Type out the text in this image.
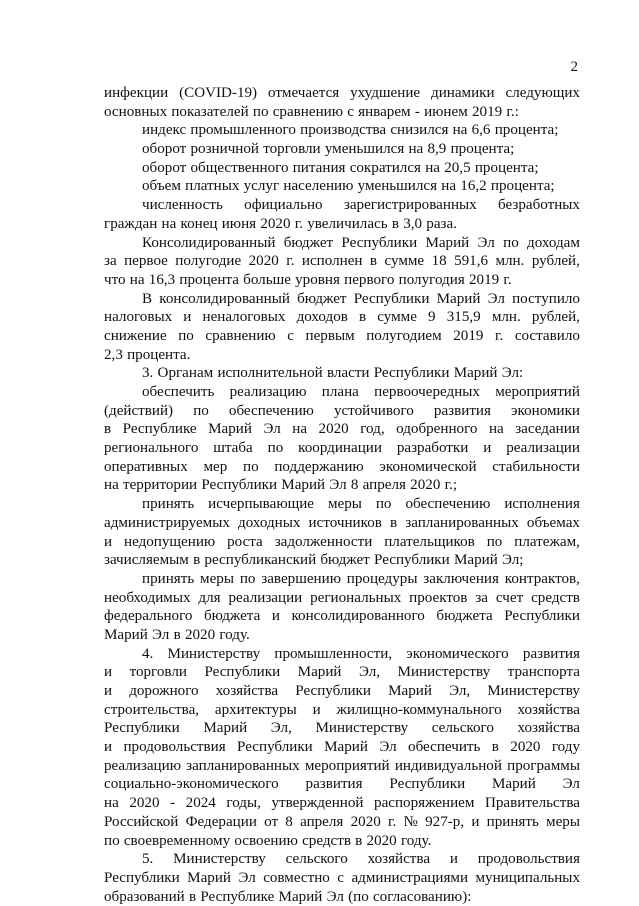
2
инфекции (COVID-19) отмечается ухудшение динамики следующих
основных показателей по сравнению с январем - июнем 2019 г.:
индекс промышленного производства снизился на 6,6 процента;
оборот розничной торговли уменьшился на 8,9 процента;
оборот общественного питания сократился на 20,5 процента;
объем платных услуг населению уменьшился на 16,2 процента;
численность официально зарегистрированных безработных
граждан на конец июня 2020 г. увеличилась в 3,0 раза.
Консолидированный бюджет Республики Марий Эл по доходам
за первое полугодие 2020 г. исполнен в сумме 18 591,6 млн. рублей,
что на 16,3 процента больше уровня первого полугодия 2019 г.
В консолидированный бюджет Республики Марий Эл поступило
налоговых и неналоговых доходов в сумме 9 315,9 млн. рублей,
снижение по сравнению с первым полугодием 2019 г. составило
2,3 процента.
3. Органам исполнительной власти Республики Марий Эл:
обеспечить реализацию плана первоочередных мероприятий
(действий) по обеспечению устойчивого развития экономики
в Республике Марий Эл на 2020 год, одобренного на заседании
регионального штаба по координации разработки и реализации
оперативных мер по поддержанию экономической стабильности
на территории Республики Марий Эл 8 апреля 2020 г.;
принять исчерпывающие меры по обеспечению исполнения
администрируемых доходных источников в запланированных объемах
и недопущению роста задолженности плательщиков по платежам,
зачисляемым в республиканский бюджет Республики Марий Эл;
принять меры по завершению процедуры заключения контрактов,
необходимых для реализации региональных проектов за счет средств
федерального бюджета и консолидированного бюджета Республики
Марий Эл в 2020 году.
4. Министерству промышленности, экономического развития
и торговли Республики Марий Эл, Министерству транспорта
и дорожного хозяйства Республики Марий Эл, Министерству
строительства, архитектуры и жилищно-коммунального хозяйства
Республики Марий Эл, Министерству сельского хозяйства
и продовольствия Республики Марий Эл обеспечить в 2020 году
реализацию запланированных мероприятий индивидуальной программы
социально-экономического развития Республики Марий Эл
на 2020 - 2024 годы, утвержденной распоряжением Правительства
Российской Федерации от 8 апреля 2020 г. № 927-р, и принять меры
по своевременному освоению средств в 2020 году.
5. Министерству сельского хозяйства и продовольствия
Республики Марий Эл совместно с администрациями муниципальных
образований в Республике Марий Эл (по согласованию):
